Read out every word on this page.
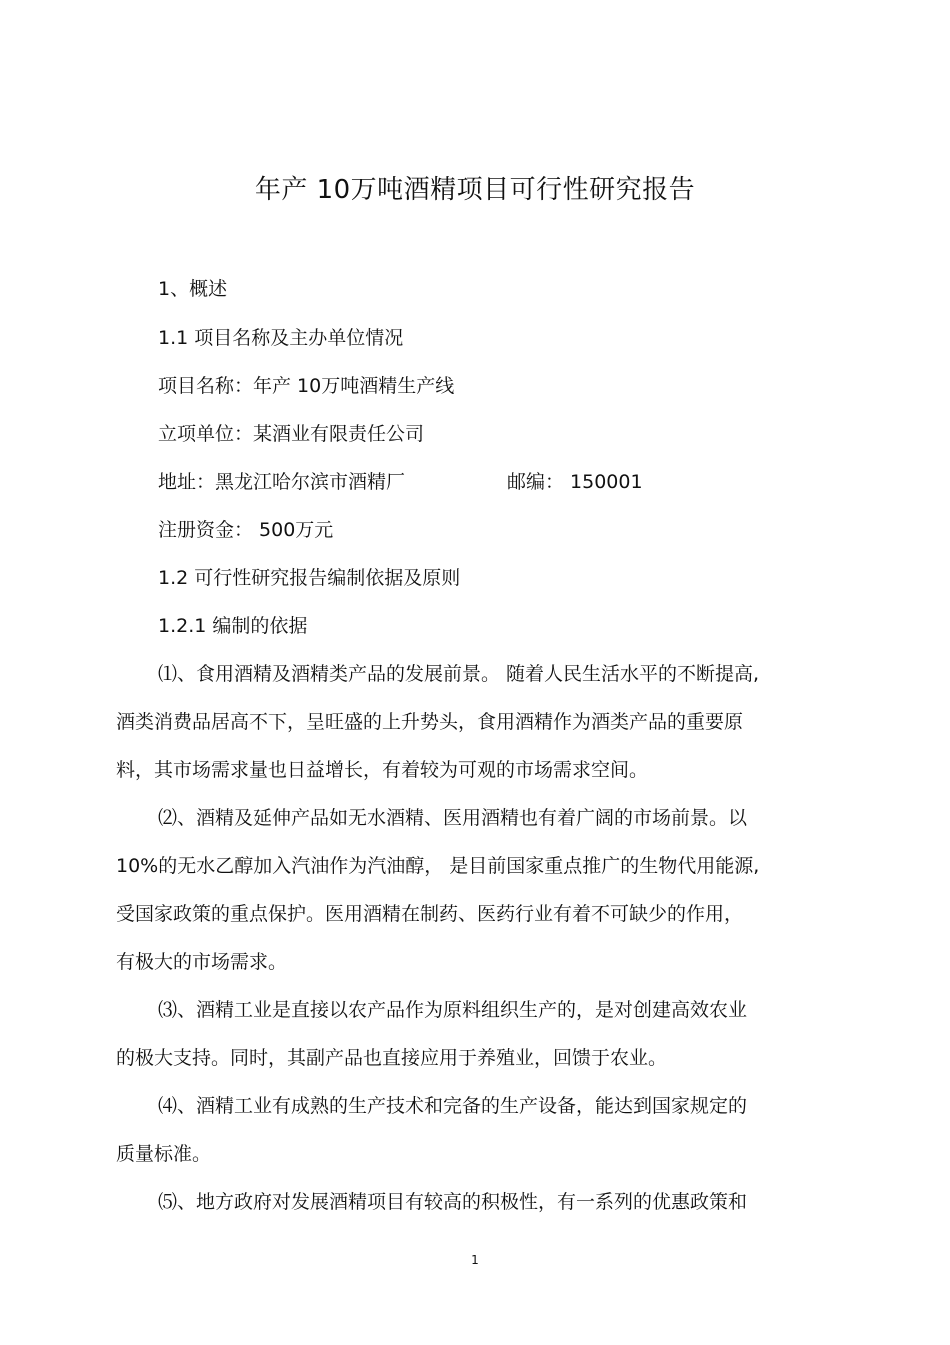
年产 10万吨酒精项目可行性研究报告
1、概述
1.1 项目名称及主办单位情况
项目名称：年产 10万吨酒精生产线
立项单位：某酒业有限责任公司
地址：黑龙江哈尔滨市酒精厂	邮编： 150001
注册资金： 500万元
1.2 可行性研究报告编制依据及原则
1.2.1 编制的依据
⑴、食用酒精及酒精类产品的发展前景。 随着人民生活水平的不断提高,
酒类消费品居高不下，呈旺盛的上升势头，食用酒精作为酒类产品的重要原
料，其市场需求量也日益增长，有着较为可观的市场需求空间。
⑵、酒精及延伸产品如无水酒精、医用酒精也有着广阔的市场前景。以
10%的无水乙醇加入汽油作为汽油醇， 是目前国家重点推广的生物代用能源,
受国家政策的重点保护。医用酒精在制药、医药行业有着不可缺少的作用，
有极大的市场需求。
⑶、酒精工业是直接以农产品作为原料组织生产的，是对创建高效农业
的极大支持。同时，其副产品也直接应用于养殖业，回馈于农业。
⑷、酒精工业有成熟的生产技术和完备的生产设备，能达到国家规定的
质量标准。
⑸、地方政府对发展酒精项目有较高的积极性，有一系列的优惠政策和
1
